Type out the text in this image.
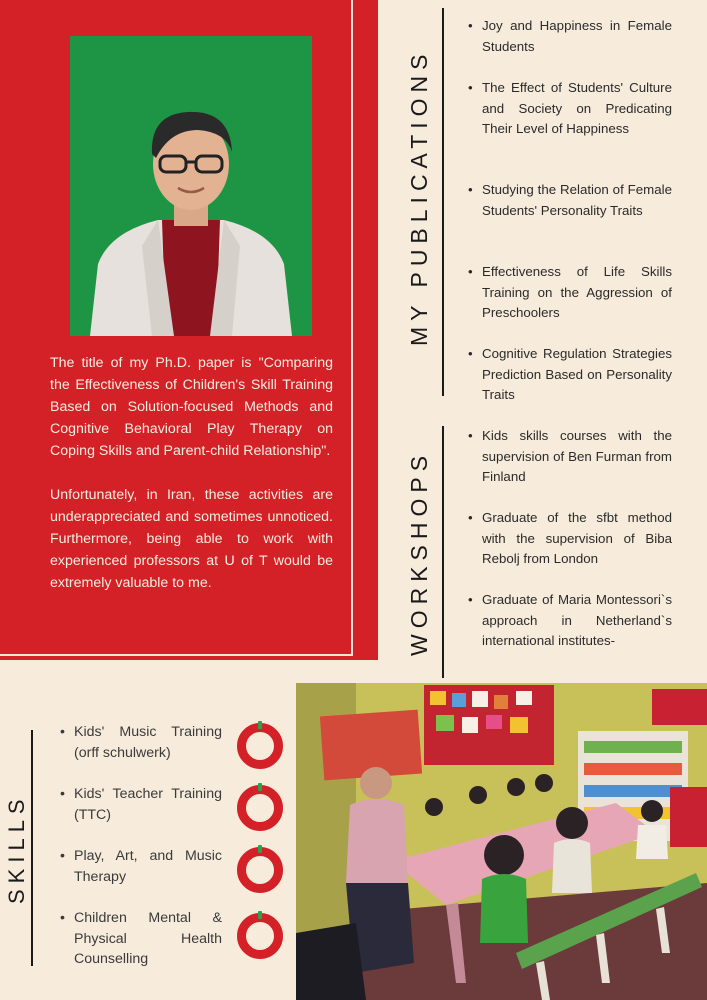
The title of my Ph.D. paper is "Comparing the Effectiveness of Children's Skill Training Based on Solution-focused Methods and Cognitive Behavioral Play Therapy on Coping Skills and Parent-child Relationship".

Unfortunately, in Iran, these activities are underappreciated and sometimes unnoticed. Furthermore, being able to work with experienced professors at U of T would be extremely valuable to me.

MY PUBLICATIONS
• Joy and Happiness in Female Students
• The Effect of Students' Culture and Society on Predicating Their Level of Happiness
• Studying the Relation of Female Students' Personality Traits
• Effectiveness of Life Skills Training on the Aggression of Preschoolers
• Cognitive Regulation Strategies Prediction Based on Personality Traits
WORKSHOPS
• Kids skills courses with the supervision of Ben Furman from Finland
• Graduate of the sfbt method with the supervision of Biba Rebolj from London
• Graduate of Maria Montessori`s approach in Netherland`s international institutes-
SKILLS
• Kids' Music Training (orff schulwerk)
• Kids' Teacher Training (TTC)
• Play, Art, and Music Therapy
• Children Mental & Physical Health Counselling
